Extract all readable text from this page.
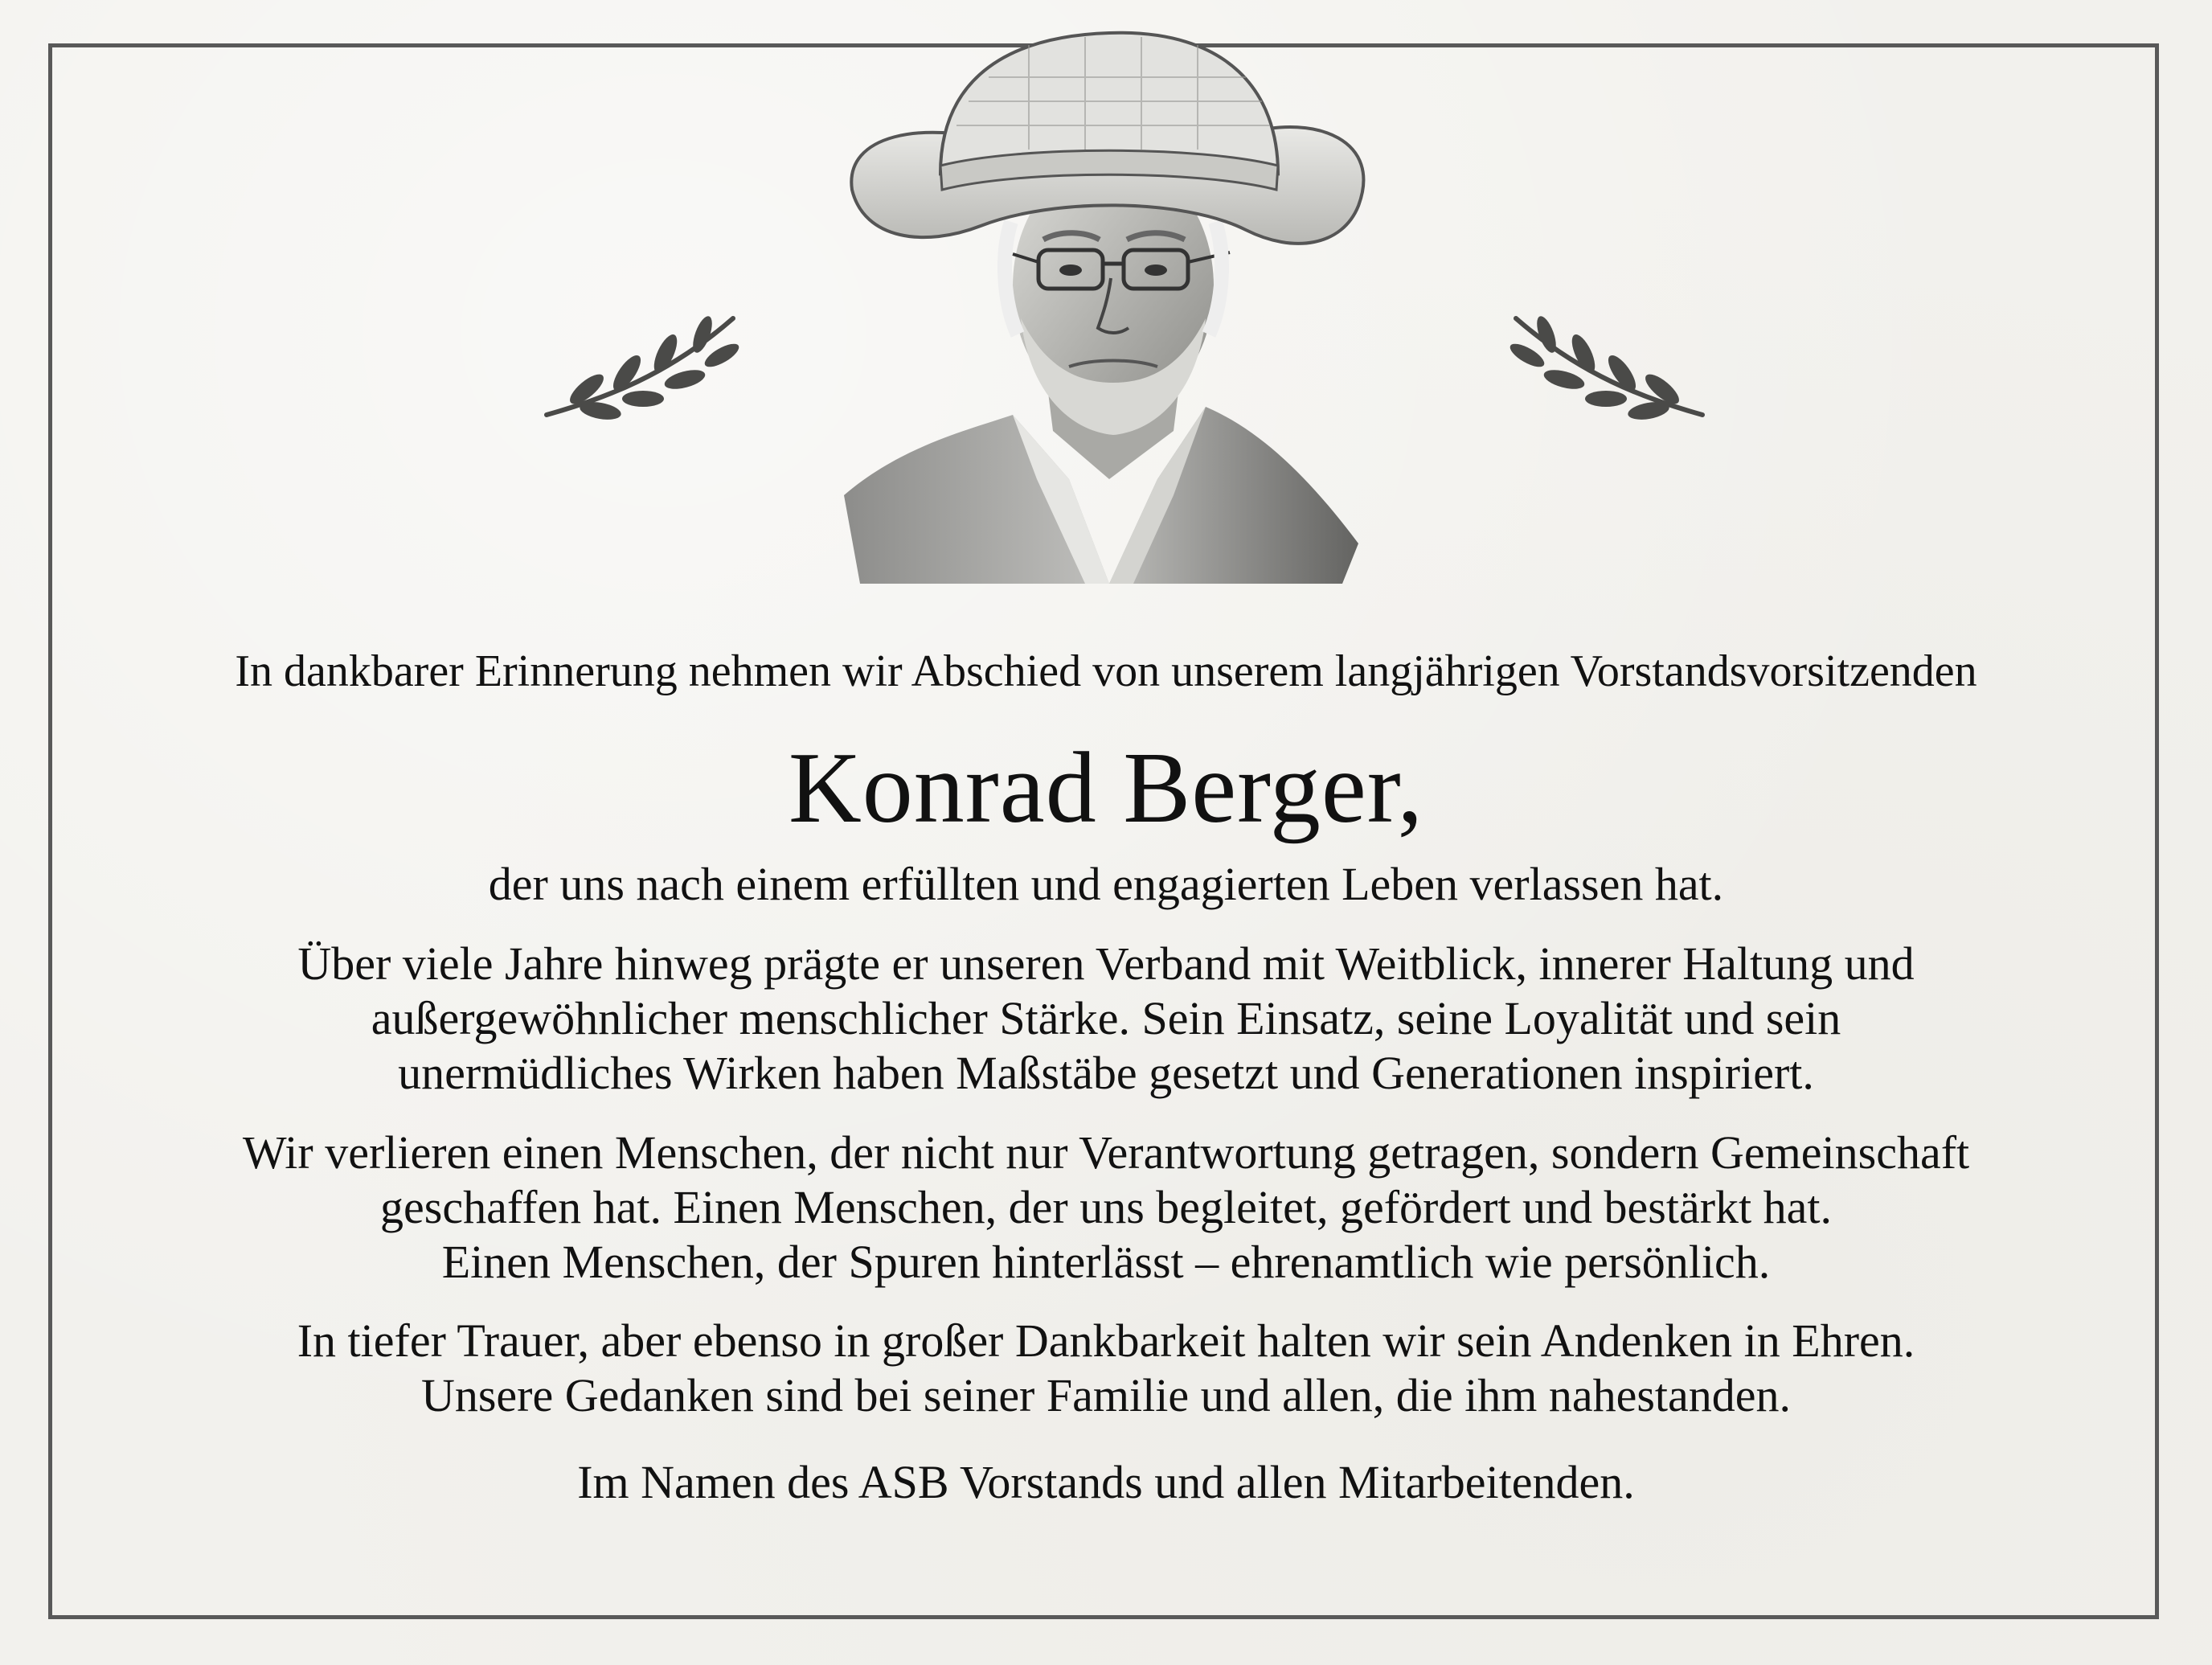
In dankbarer Erinnerung nehmen wir Abschied von unserem langjährigen Vorstandsvorsitzenden
Konrad Berger,
der uns nach einem erfüllten und engagierten Leben verlassen hat.
Über viele Jahre hinweg prägte er unseren Verband mit Weitblick, innerer Haltung und
außergewöhnlicher menschlicher Stärke. Sein Einsatz, seine Loyalität und sein
unermüdliches Wirken haben Maßstäbe gesetzt und Generationen inspiriert.
Wir verlieren einen Menschen, der nicht nur Verantwortung getragen, sondern Gemeinschaft
geschaffen hat. Einen Menschen, der uns begleitet, gefördert und bestärkt hat.
Einen Menschen, der Spuren hinterlässt – ehrenamtlich wie persönlich.
In tiefer Trauer, aber ebenso in großer Dankbarkeit halten wir sein Andenken in Ehren.
Unsere Gedanken sind bei seiner Familie und allen, die ihm nahestanden.
Im Namen des ASB Vorstands und allen Mitarbeitenden.
